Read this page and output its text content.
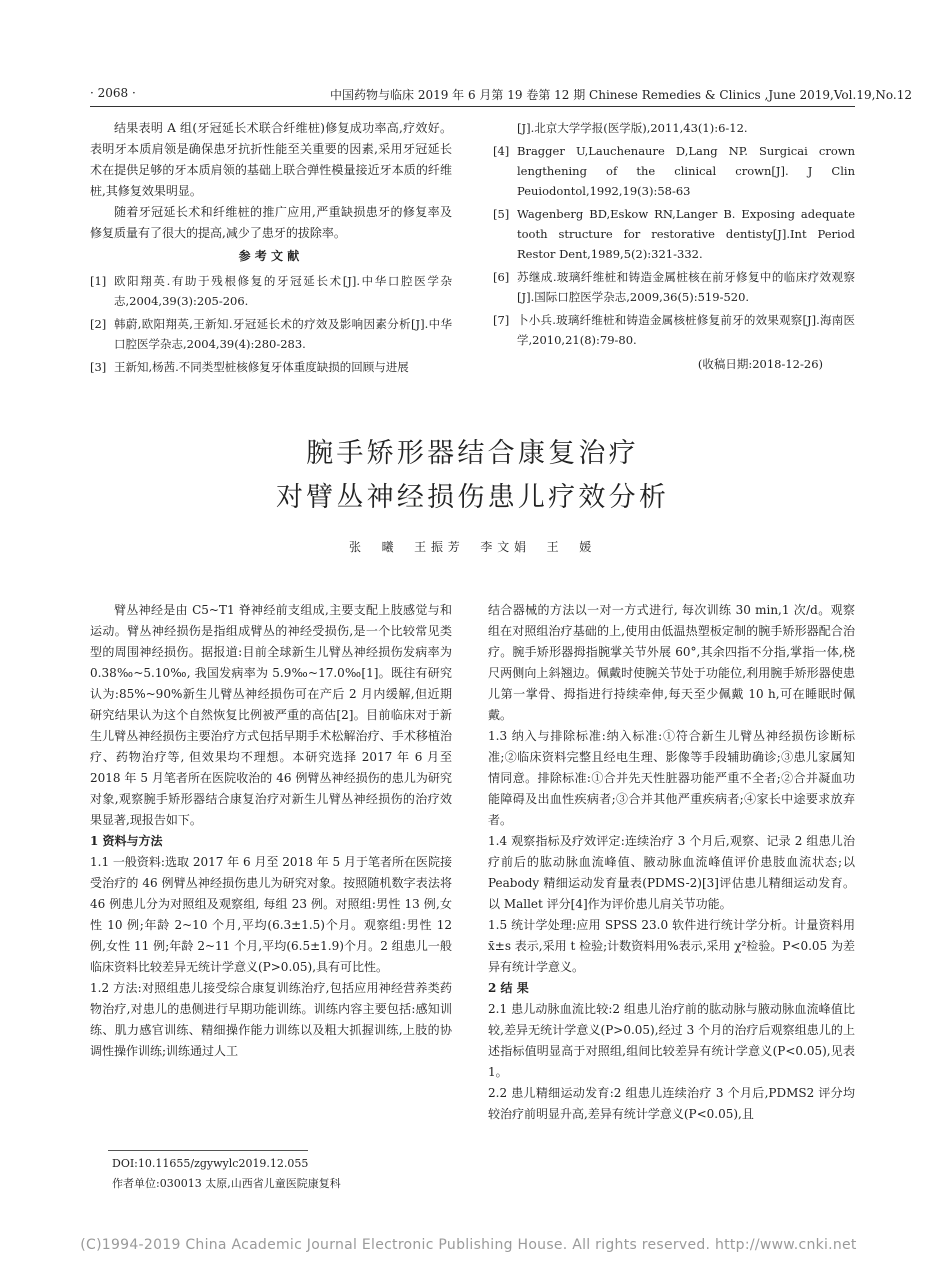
· 2068 ·	中国药物与临床 2019 年 6 月第 19 卷第 12 期 Chinese Remedies & Clinics ,June 2019,Vol.19,No.12

结果表明 A 组(牙冠延长术联合纤维桩)修复成功率高,疗效好。表明牙本质肩领是确保患牙抗折性能至关重要的因素,采用牙冠延长术在提供足够的牙本质肩领的基础上联合弹性模量接近牙本质的纤维桩,其修复效果明显。

随着牙冠延长术和纤维桩的推广应用,严重缺损患牙的修复率及修复质量有了很大的提高,减少了患牙的拔除率。

参考文献
[1] 欧阳翔英.有助于残根修复的牙冠延长术[J].中华口腔医学杂志,2004,39(3):205-206.
[2] 韩蔚,欧阳翔英,王新知.牙冠延长术的疗效及影响因素分析[J].中华口腔医学杂志,2004,39(4):280-283.
[3] 王新知,杨茜.不同类型桩核修复牙体重度缺损的回顾与进展
[J].北京大学学报(医学版),2011,43(1):6-12.
[4] Bragger U,Lauchenaure D,Lang NP. Surgicai crown lengthening of the clinical crown[J]. J Clin Peuiodontol,1992,19(3):58-63
[5] Wagenberg BD,Eskow RN,Langer B. Exposing adequate tooth structure for restorative dentisty[J].Int Period Restor Dent,1989,5(2):321-332.
[6] 苏继成.玻璃纤维桩和铸造金属桩核在前牙修复中的临床疗效观察[J].国际口腔医学杂志,2009,36(5):519-520.
[7] 卜小兵.玻璃纤维桩和铸造金属核桩修复前牙的效果观察[J].海南医学,2010,21(8):79-80.
(收稿日期:2018-12-26)
腕手矫形器结合康复治疗
对臂丛神经损伤患儿疗效分析
张 曦 王振芳 李文娟 王 媛

臂丛神经是由 C5~T1 脊神经前支组成,主要支配上肢感觉与和运动。臂丛神经损伤是指组成臂丛的神经受损伤,是一个比较常见类型的周围神经损伤。据报道:目前全球新生儿臂丛神经损伤发病率为 0.38‰~5.10‰, 我国发病率为 5.9‰~17.0‰[1]。既往有研究认为:85%~90%新生儿臂丛神经损伤可在产后 2 月内缓解,但近期研究结果认为这个自然恢复比例被严重的高估[2]。目前临床对于新生儿臂丛神经损伤主要治疗方式包括早期手术松解治疗、手术移植治疗、药物治疗等, 但效果均不理想。本研究选择 2017 年 6 月至 2018 年 5 月笔者所在医院收治的 46 例臂丛神经损伤的患儿为研究对象,观察腕手矫形器结合康复治疗对新生儿臂丛神经损伤的治疗效果显著,现报告如下。

1 资料与方法

1.1 一般资料:选取 2017 年 6 月至 2018 年 5 月于笔者所在医院接受治疗的 46 例臂丛神经损伤患儿为研究对象。按照随机数字表法将 46 例患儿分为对照组及观察组, 每组 23 例。对照组:男性 13 例,女性 10 例;年龄 2~10 个月,平均(6.3±1.5)个月。观察组:男性 12 例,女性 11 例;年龄 2~11 个月,平均(6.5±1.9)个月。2 组患儿一般临床资料比较差异无统计学意义(P>0.05),具有可比性。

1.2 方法:对照组患儿接受综合康复训练治疗,包括应用神经营养类药物治疗,对患儿的患侧进行早期功能训练。训练内容主要包括:感知训练、肌力感官训练、精细操作能力训练以及粗大抓握训练,上肢的协调性操作训练;训练通过人工

结合器械的方法以一对一方式进行, 每次训练 30 min,1 次/d。观察组在对照组治疗基础的上,使用由低温热塑板定制的腕手矫形器配合治疗。腕手矫形器拇指腕掌关节外展 60°,其余四指不分指,掌指一体,桡尺两侧向上斜翘边。佩戴时使腕关节处于功能位,利用腕手矫形器使患儿第一掌骨、拇指进行持续牵伸,每天至少佩戴 10 h,可在睡眠时佩戴。

1.3 纳入与排除标准:纳入标准:①符合新生儿臂丛神经损伤诊断标准;②临床资料完整且经电生理、影像等手段辅助确诊;③患儿家属知情同意。排除标准:①合并先天性脏器功能严重不全者;②合并凝血功能障碍及出血性疾病者;③合并其他严重疾病者;④家长中途要求放弃者。

1.4 观察指标及疗效评定:连续治疗 3 个月后,观察、记录 2 组患儿治疗前后的肱动脉血流峰值、腋动脉血流峰值评价患肢血流状态;以 Peabody 精细运动发育量表(PDMS-2)[3]评估患儿精细运动发育。以 Mallet 评分[4]作为评价患儿肩关节功能。

1.5 统计学处理:应用 SPSS 23.0 软件进行统计学分析。计量资料用x̄±s 表示,采用 t 检验;计数资料用%表示,采用 χ²检验。P<0.05 为差异有统计学意义。

2 结 果

2.1 患儿动脉血流比较:2 组患儿治疗前的肱动脉与腋动脉血流峰值比较,差异无统计学意义(P>0.05),经过 3 个月的治疗后观察组患儿的上述指标值明显高于对照组,组间比较差异有统计学意义(P<0.05),见表 1。

2.2 患儿精细运动发育:2 组患儿连续治疗 3 个月后,PDMS2 评分均较治疗前明显升高,差异有统计学意义(P<0.05),且

DOI:10.11655/zgywylc2019.12.055
作者单位:030013 太原,山西省儿童医院康复科
(C)1994-2019 China Academic Journal Electronic Publishing House. All rights reserved. http://www.cnki.net
